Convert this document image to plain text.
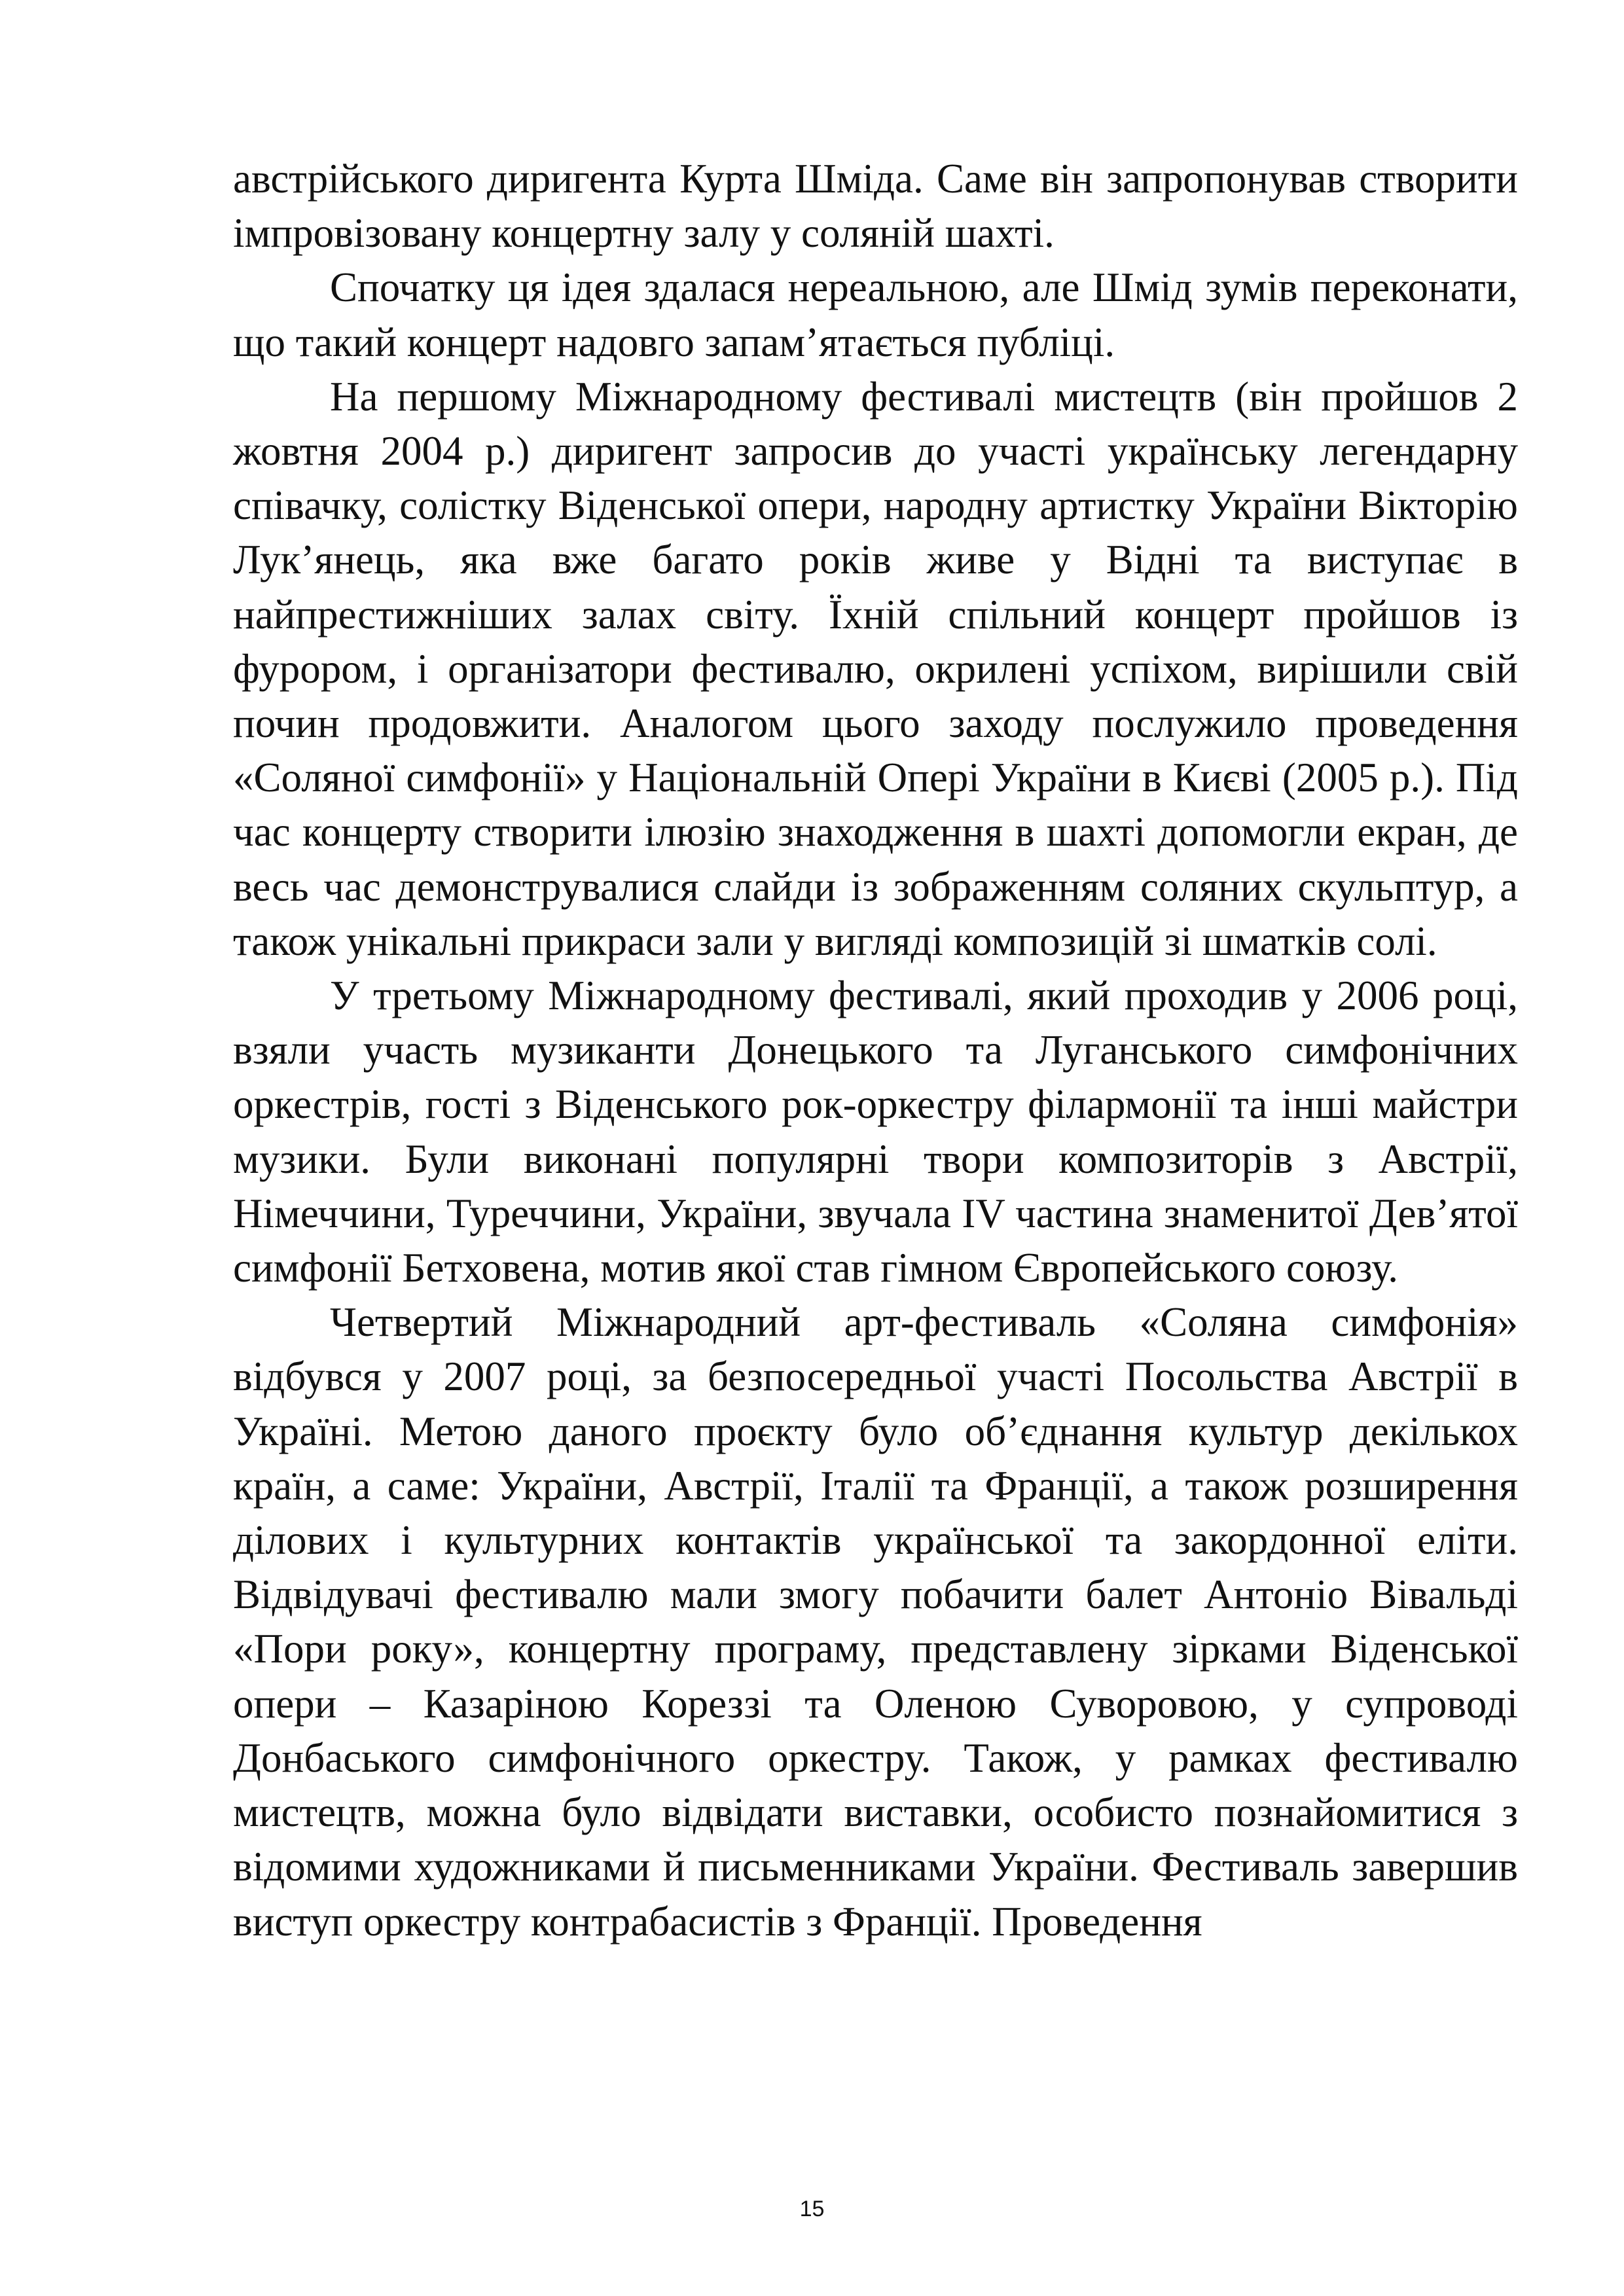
австрійського диригента Курта Шміда. Саме він запропонував створити імпровізовану концертну залу у соляній шахті.

Спочатку ця ідея здалася нереальною, але Шмід зумів переконати, що такий концерт надовго запам’ятається публіці.

На першому Міжнародному фестивалі мистецтв (він пройшов 2 жовтня 2004 р.) диригент запросив до участі українську легендарну співачку, солістку Віденської опери, народну артистку України Вікторію Лук’янець, яка вже багато років живе у Відні та виступає в найпрестижніших залах світу. Їхній спільний концерт пройшов із фурором, і організатори фестивалю, окрилені успіхом, вирішили свій почин продовжити. Аналогом цього заходу послужило проведення «Соляної симфонії» у Національній Опері України в Києві (2005 р.). Під час концерту створити ілюзію знаходження в шахті допомогли екран, де весь час демонструвалися слайди із зображенням соляних скульптур, а також унікальні прикраси зали у вигляді композицій зі шматків солі.

У третьому Міжнародному фестивалі, який проходив у 2006 році, взяли участь музиканти Донецького та Луганського симфонічних оркестрів, гості з Віденського рок-оркестру філармонії та інші майстри музики. Були виконані популярні твори композиторів з Австрії, Німеччини, Туреччини, України, звучала IV частина знаменитої Дев’ятої симфонії Бетховена, мотив якої став гімном Європейського союзу.

Четвертий Міжнародний арт-фестиваль «Соляна симфонія» відбувся у 2007 році, за безпосередньої участі Посольства Австрії в Україні. Метою даного проєкту було об’єднання культур декількох країн, а саме: України, Австрії, Італії та Франції, а також розширення ділових і культурних контактів української та закордонної еліти. Відвідувачі фестивалю мали змогу побачити балет Антоніо Вівальді «Пори року», концертну програму, представлену зірками Віденської опери – Казаріною Кореззі та Оленою Суворовою, у супроводі Донбаського симфонічного оркестру. Також, у рамках фестивалю мистецтв, можна було відвідати виставки, особисто познайомитися з відомими художниками й письменниками України. Фестиваль завершив виступ оркестру контрабасистів з Франції. Проведення

15
